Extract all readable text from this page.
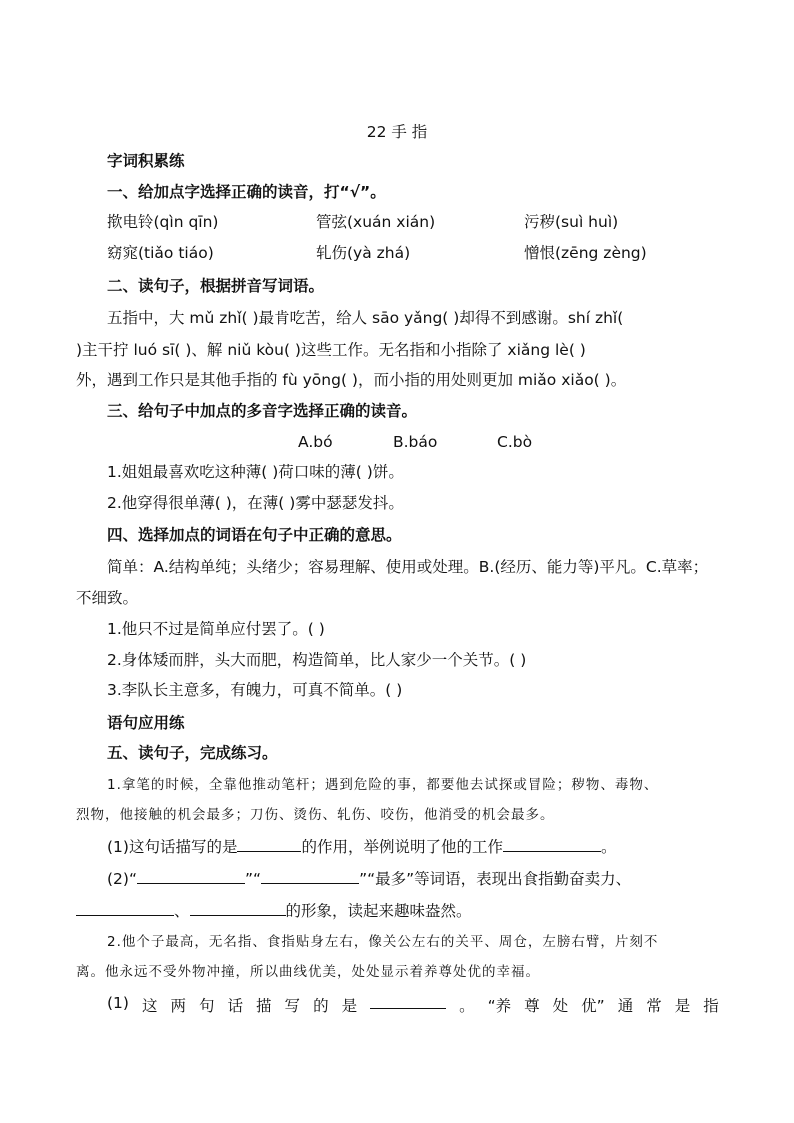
22 手 指
字词积累练
一、给加点字选择正确的读音，打“√”。
揿电铃(qìn qīn)	管弦(xuán xián)	污秽(suì huì)
窈窕(tiǎo tiáo)	轧伤(yà zhá)	憎恨(zēng zèng)
二、读句子，根据拼音写词语。
五指中，大 mǔ zhǐ( )最肯吃苦，给人 sāo yǎng( )却得不到感谢。shí zhǐ(
)主干拧 luó sī( )、解 niǔ kòu( )这些工作。无名指和小指除了 xiǎng lè( )
外，遇到工作只是其他手指的 fù yōng( )，而小指的用处则更加 miǎo xiǎo( )。
三、给句子中加点的多音字选择正确的读音。
A.bó	B.báo	C.bò
1.姐姐最喜欢吃这种薄( )荷口味的薄( )饼。
2.他穿得很单薄( )，在薄( )雾中瑟瑟发抖。
四、选择加点的词语在句子中正确的意思。
简单：A.结构单纯；头绪少；容易理解、使用或处理。B.(经历、能力等)平凡。C.草率；
不细致。
1.他只不过是简单应付罢了。( )
2.身体矮而胖，头大而肥，构造简单，比人家少一个关节。( )
3.李队长主意多，有魄力，可真不简单。( )
语句应用练
五、读句子，完成练习。
1.拿笔的时候，全靠他推动笔杆；遇到危险的事，都要他去试探或冒险；秽物、毒物、
烈物，他接触的机会最多；刀伤、烫伤、轧伤、咬伤，他消受的机会最多。
(1)这句话描写的是	的作用，举例说明了他的工作	。
(2)“	”“	”“最多”等词语，表现出食指勤奋卖力、
、	的形象，读起来趣味盎然。
2.他个子最高，无名指、食指贴身左右，像关公左右的关平、周仓，左膀右臂，片刻不
离。他永远不受外物冲撞，所以曲线优美，处处显示着养尊处优的幸福。
(1) 这 两 句 话 描 写 的 是	。 “养 尊 处 优” 通 常 是 指
